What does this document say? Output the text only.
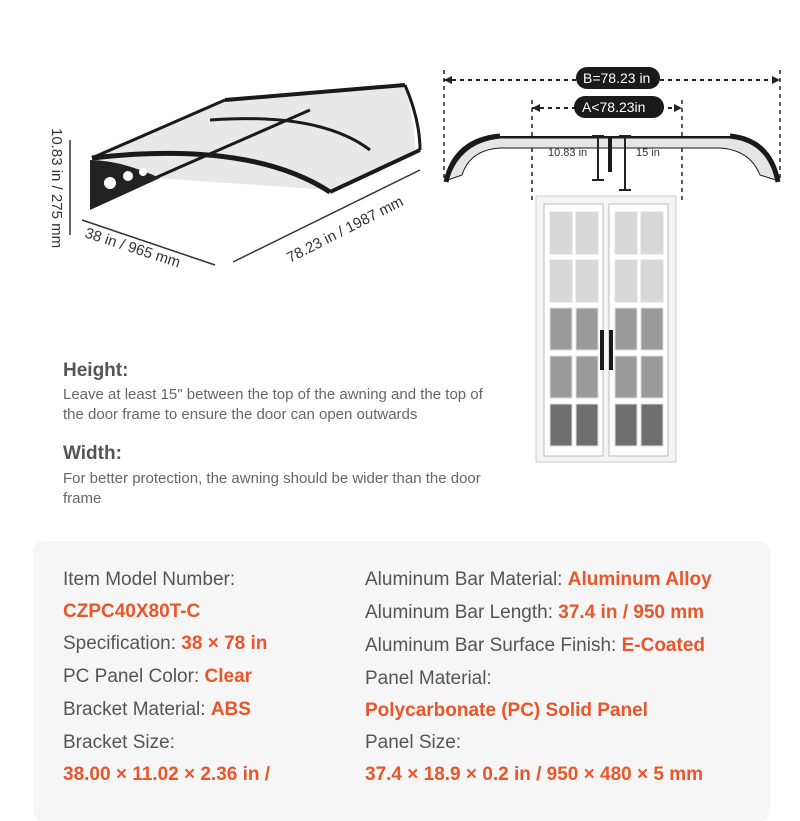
10.83 in / 275 mm 38 in / 965 mm	78.23 in / 1987 mm
B=78.23 in
A<78.23in
10.83 in	15 in
Height:
Leave at least 15" between the top of the awning and the top of the door frame to ensure the door can open outwards
Width:
For better protection, the awning should be wider than the door frame
Item Model Number:
CZPC40X80T-C
Specification: 38 × 78 in
PC Panel Color: Clear
Bracket Material: ABS
Bracket Size:
38.00 × 11.02 × 2.36 in /
Aluminum Bar Material: Aluminum Alloy
Aluminum Bar Length: 37.4 in / 950 mm
Aluminum Bar Surface Finish: E-Coated
Panel Material:
Polycarbonate (PC) Solid Panel
Panel Size:
37.4 × 18.9 × 0.2 in / 950 × 480 × 5 mm
